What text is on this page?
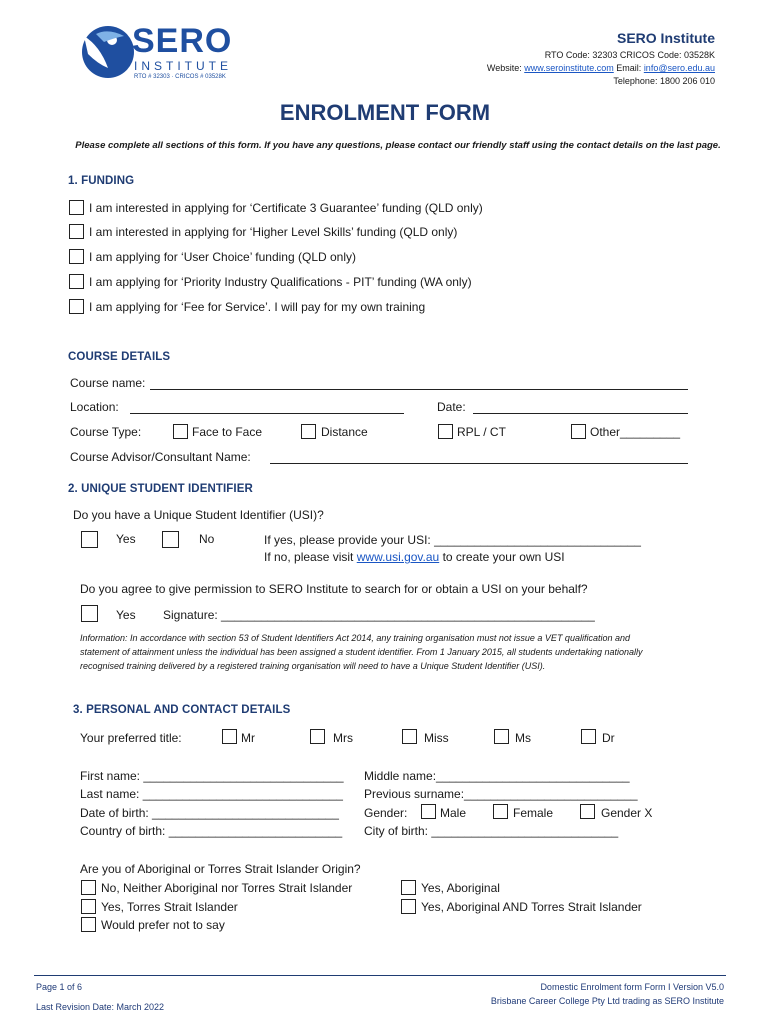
SERO
INSTITUTE
RTO # 32303 · CRICOS # 03528K
SERO Institute
RTO Code: 32303 CRICOS Code: 03528K
Website: www.seroinstitute.com Email: info@sero.edu.au
Telephone: 1800 206 010
ENROLMENT FORM
Please complete all sections of this form. If you have any questions, please contact our friendly staff using the contact details on the last page.
1. FUNDING
I am interested in applying for ‘Certificate 3 Guarantee’ funding (QLD only)
I am interested in applying for ‘Higher Level Skills’ funding (QLD only)
I am applying for ‘User Choice’ funding (QLD only)
I am applying for ‘Priority Industry Qualifications - PIT’ funding (WA only)
I am applying for ‘Fee for Service’. I will pay for my own training
COURSE DETAILS
Course name:
Location:	Date:
Course Type:	Face to Face	Distance	RPL / CT	Other_________
Course Advisor/Consultant Name:
2. UNIQUE STUDENT IDENTIFIER
Do you have a Unique Student Identifier (USI)?
Yes	No	If yes, please provide your USI: _______________________________
If no, please visit www.usi.gov.au to create your own USI
Do you agree to give permission to SERO Institute to search for or obtain a USI on your behalf?
Yes Signature: ________________________________________________________
Information: In accordance with section 53 of Student Identifiers Act 2014, any training organisation must not issue a VET qualification and statement of attainment unless the individual has been assigned a student identifier. From 1 January 2015, all students undertaking nationally recognised training delivered by a registered training organisation will need to have a Unique Student Identifier (USI).
3. PERSONAL AND CONTACT DETAILS
Your preferred title:	Mr	Mrs	Miss	Ms	Dr
First name: ______________________________ Middle name:_____________________________
Last name: ______________________________ Previous surname:__________________________
Date of birth: ____________________________ Gender:	Male	Female	Gender X
Country of birth: __________________________ City of birth: ____________________________
Are you of Aboriginal or Torres Strait Islander Origin?
No, Neither Aboriginal nor Torres Strait Islander
Yes, Torres Strait Islander
Would prefer not to say
Yes, Aboriginal
Yes, Aboriginal AND Torres Strait Islander
Page 1 of 6
Last Revision Date: March 2022
Domestic Enrolment form Form I Version V5.0
Brisbane Career College Pty Ltd trading as SERO Institute
